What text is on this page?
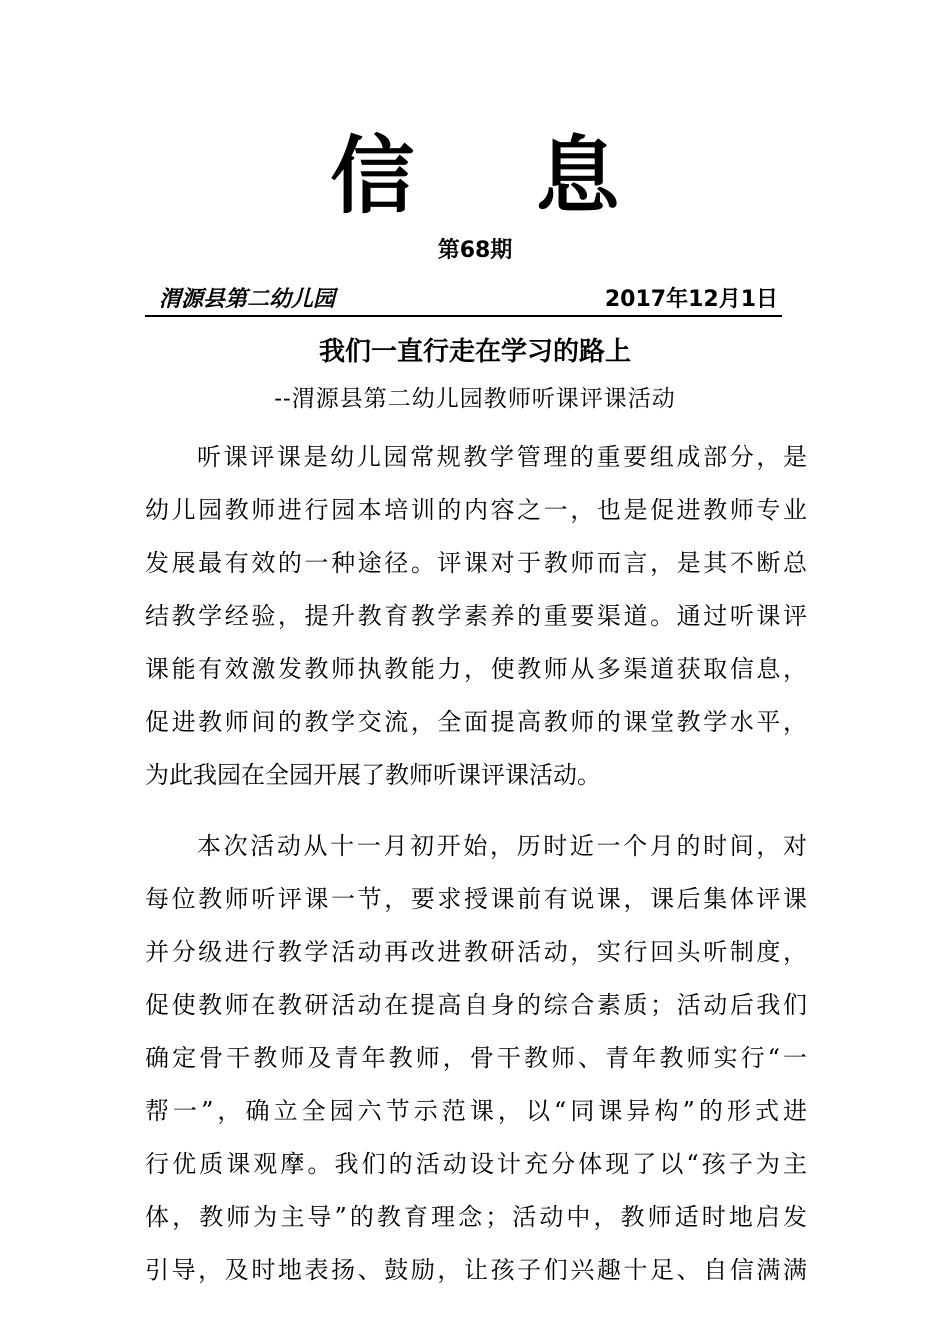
信 息
第68期
渭源县第二幼儿园	2017年12月1日
我们一直行走在学习的路上
--渭源县第二幼儿园教师听课评课活动
听课评课是幼儿园常规教学管理的重要组成部分，是
幼儿园教师进行园本培训的内容之一，也是促进教师专业
发展最有效的一种途径。评课对于教师而言，是其不断总
结教学经验，提升教育教学素养的重要渠道。通过听课评
课能有效激发教师执教能力，使教师从多渠道获取信息，
促进教师间的教学交流，全面提高教师的课堂教学水平，
为此我园在全园开展了教师听课评课活动。
本次活动从十一月初开始，历时近一个月的时间，对
每位教师听评课一节，要求授课前有说课，课后集体评课
并分级进行教学活动再改进教研活动，实行回头听制度，
促使教师在教研活动在提高自身的综合素质；活动后我们
确定骨干教师及青年教师，骨干教师、青年教师实行“一
帮一”，确立全园六节示范课，以“同课异构”的形式进
行优质课观摩。我们的活动设计充分体现了以“孩子为主
体，教师为主导”的教育理念；活动中，教师适时地启发
引导，及时地表扬、鼓励，让孩子们兴趣十足、自信满满
